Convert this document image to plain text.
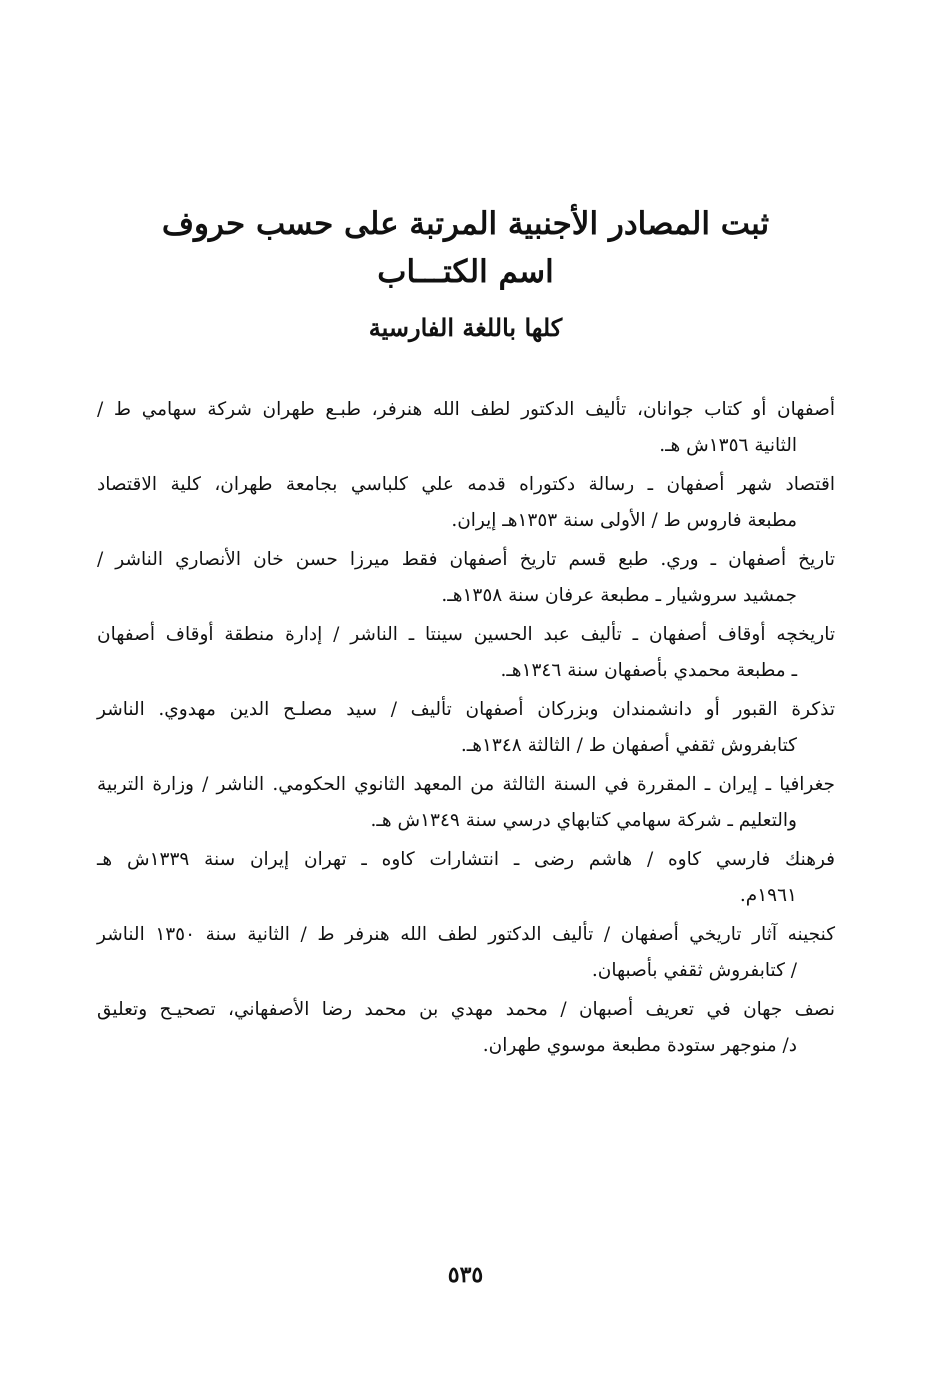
ثبت المصادر الأجنبية المرتبة على حسب حروف
اسم الكتـــاب
كلها باللغة الفارسية
أصفهان أو كتاب جوانان، تأليف الدكتور لطف الله هنرفر، طبـع طهران شركة سهامي ط /
الثانية ١٣٥٦ش هـ.
اقتصاد شهر أصفهان ـ رسالة دكتوراه قدمه علي كلباسي بجامعة طهران، كلية الاقتصاد
مطبعة فاروس ط / الأولى سنة ١٣٥٣هـ إيران.
تاريخ أصفهان ـ وري. طبع قسم تاريخ أصفهان فقط ميرزا حسن خان الأنصاري الناشر /
جمشيد سروشيار ـ مطبعة عرفان سنة ١٣٥٨هـ.
تاريخچه أوقاف أصفهان ـ تأليف عبد الحسين سينتا ـ الناشر / إدارة منطقة أوقاف أصفهان
ـ مطبعة محمدي بأصفهان سنة ١٣٤٦هـ.
تذكرة القبور أو دانشمندان وبزركان أصفهان تأليف / سيد مصلـح الدين مهدوي. الناشر
كتابفروش ثقفي أصفهان ط / الثالثة ١٣٤٨هـ.
جغرافيا ـ إيران ـ المقررة في السنة الثالثة من المعهد الثانوي الحكومي. الناشر / وزارة التربية
والتعليم ـ شركة سهامي كتابهاي درسي سنة ١٣٤٩ش هـ.
فرهنك فارسي كاوه / هاشم رضى ـ انتشارات كاوه ـ تهران إيران سنة ١٣٣٩ش هـ
١٩٦١م.
كنجينه آثار تاريخي أصفهان / تأليف الدكتور لطف الله هنرفر ط / الثانية سنة ١٣٥٠ الناشر
/ كتابفروش ثقفي بأصبهان.
نصف جهان في تعريف أصبهان / محمد مهدي بن محمد رضا الأصفهاني، تصحيـح وتعليق
د/ منوجهر ستودة مطبعة موسوي طهران.
٥٣٥
